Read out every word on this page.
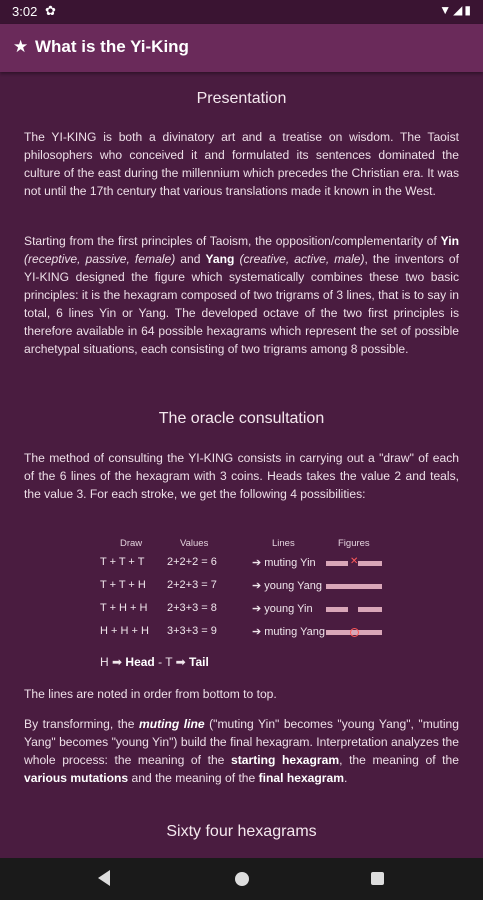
3:02 ✿	▼◢▮
★ What is the Yi-King
Presentation

The YI-KING is both a divinatory art and a treatise on wisdom. The Taoist philosophers who conceived it and formulated its sentences dominated the culture of the east during the millennium which precedes the Christian era. It was not until the 17th century that various translations made it known in the West.

Starting from the first principles of Taoism, the opposition/complementarity of Yin (receptive, passive, female) and Yang (creative, active, male), the inventors of YI-KING designed the figure which systematically combines these two basic principles: it is the hexagram composed of two trigrams of 3 lines, that is to say in total, 6 lines Yin or Yang. The developed octave of the two first principles is therefore available in 64 possible hexagrams which represent the set of possible archetypal situations, each consisting of two trigrams among 8 possible.

The oracle consultation

The method of consulting the YI-KING consists in carrying out a "draw" of each of the 6 lines of the hexagram with 3 coins. Heads takes the value 2 and teals, the value 3. For each stroke, we get the following 4 possibilities:

Draw	Values	Lines	Figures
T + T + T 2+2+2 = 6	➔ muting Yin	✕
T + T + H 2+2+3 = 7	➔ young Yang
T + H + H 2+3+3 = 8	➔ young Yin
H + H + H 3+3+3 = 9	➔ muting Yang
H ➡ Head - T ➡ Tail

The lines are noted in order from bottom to top.

By transforming, the muting line ("muting Yin" becomes "young Yang", "muting Yang" becomes "young Yin") build the final hexagram. Interpretation analyzes the whole process: the meaning of the starting hexagram, the meaning of the various mutations and the meaning of the final hexagram.

Sixty four hexagrams
